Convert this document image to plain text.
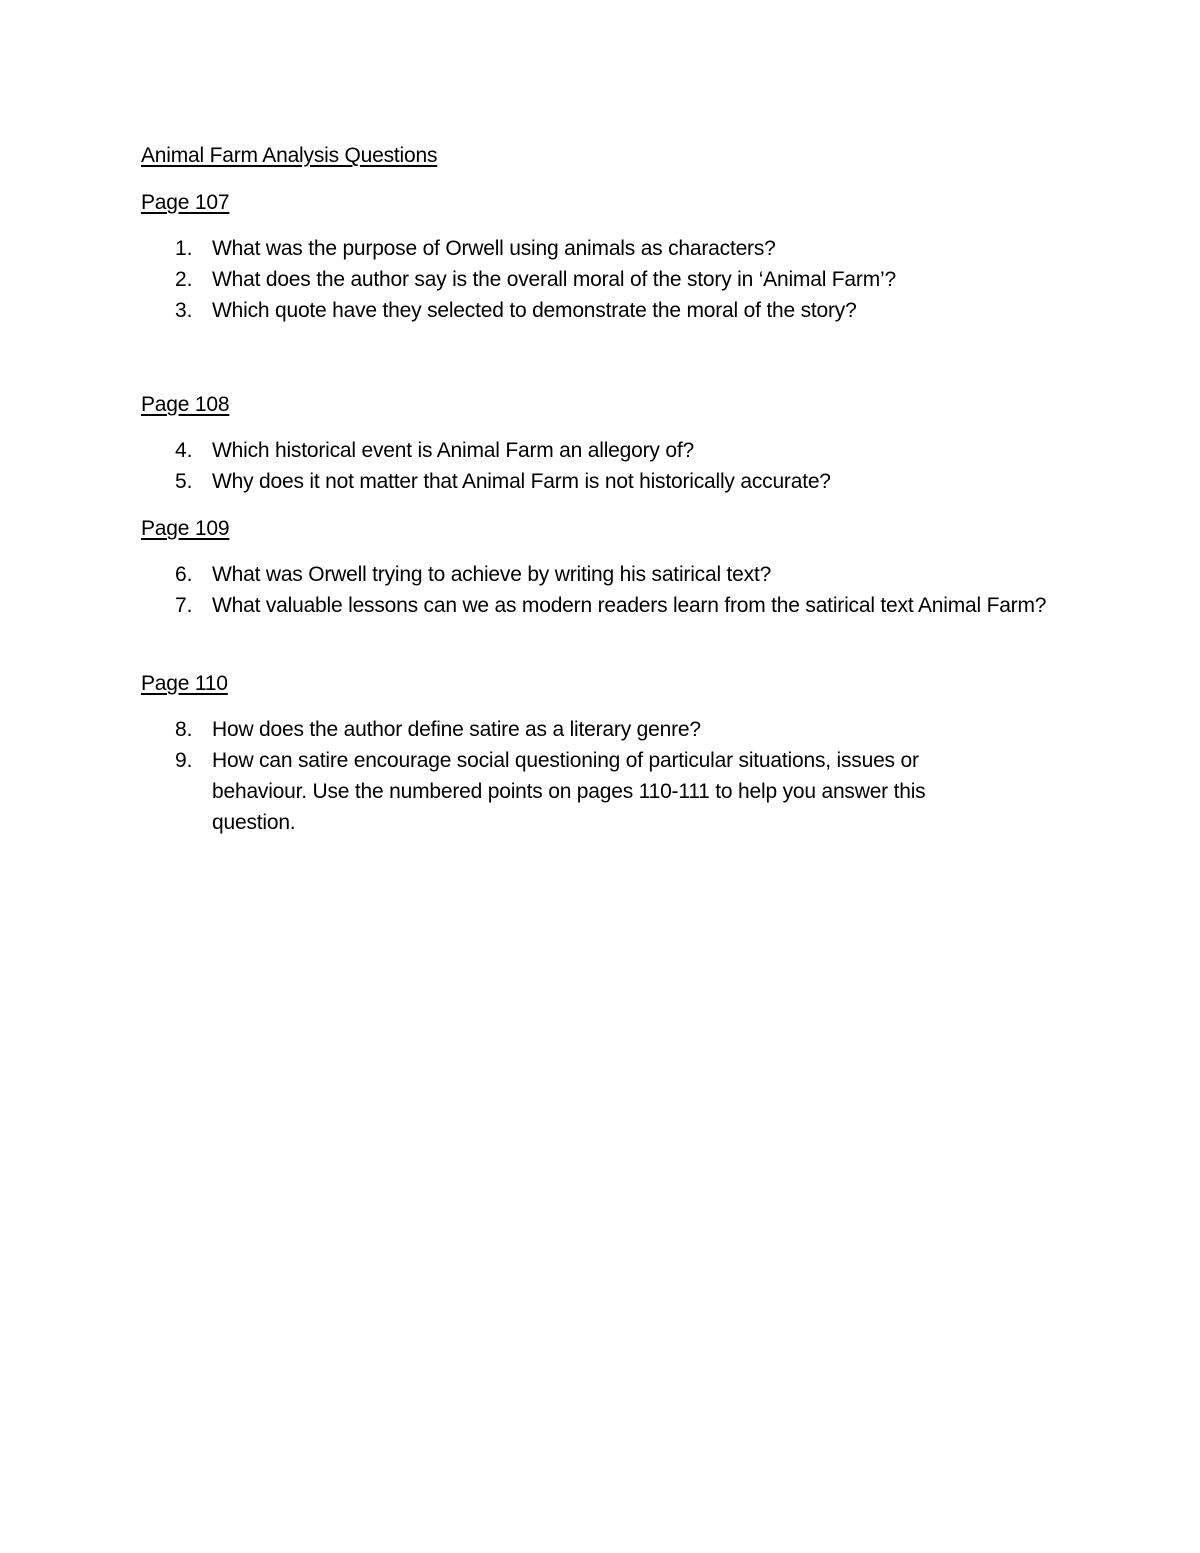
Animal Farm Analysis Questions
Page 107
1. What was the purpose of Orwell using animals as characters?
2. What does the author say is the overall moral of the story in ‘Animal Farm’?
3. Which quote have they selected to demonstrate the moral of the story?
Page 108
4. Which historical event is Animal Farm an allegory of?
5. Why does it not matter that Animal Farm is not historically accurate?
Page 109
6. What was Orwell trying to achieve by writing his satirical text?
7. What valuable lessons can we as modern readers learn from the satirical text Animal Farm?
Page 110
8. How does the author define satire as a literary genre?
9. How can satire encourage social questioning of particular situations, issues or behaviour. Use the numbered points on pages 110-111 to help you answer this question.
